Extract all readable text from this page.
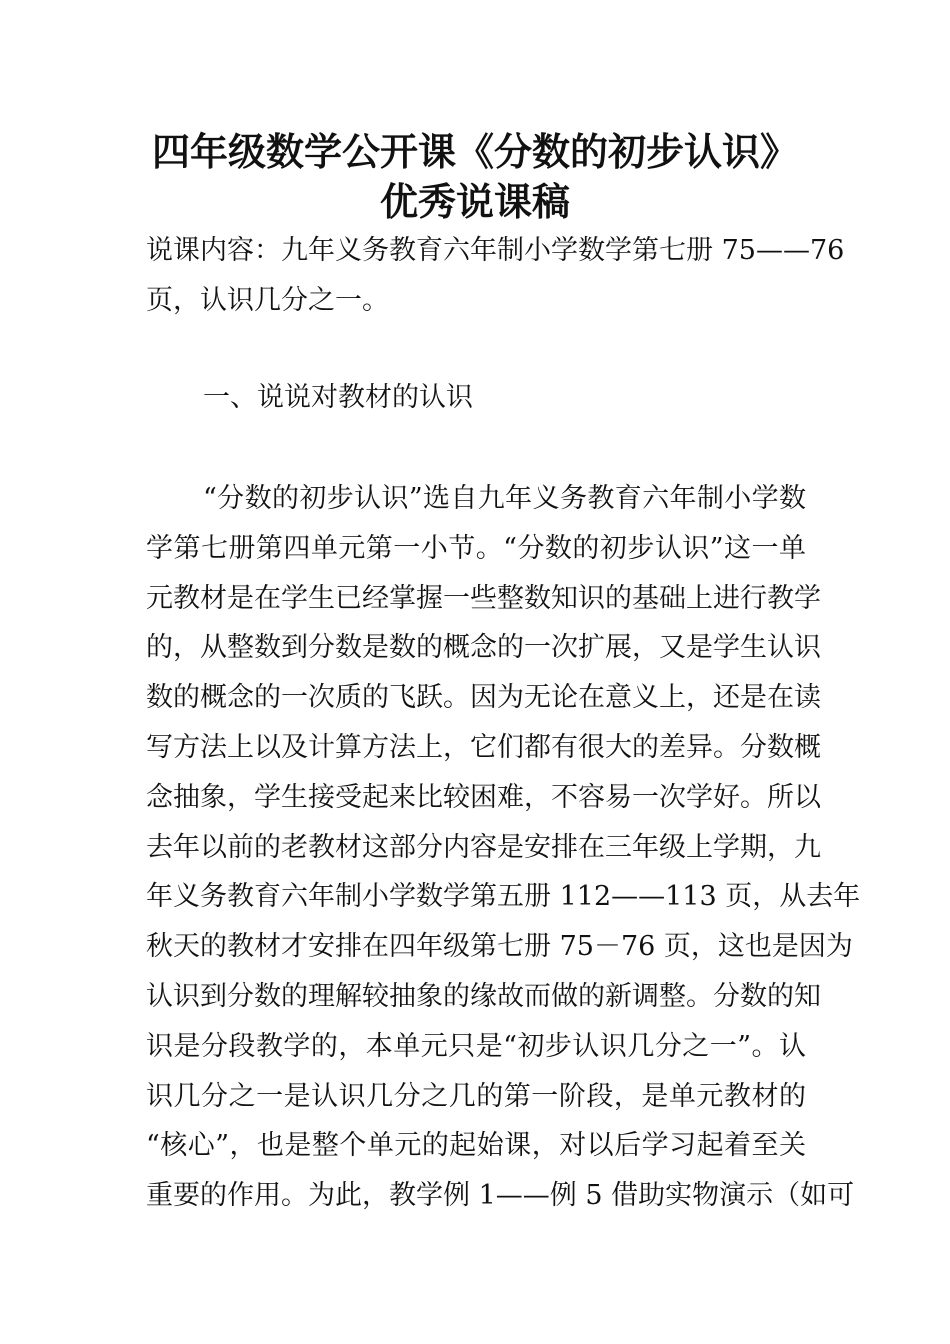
四年级数学公开课《分数的初步认识》
优秀说课稿
说课内容：九年义务教育六年制小学数学第七册 75——76
页，认识几分之一。
一、说说对教材的认识
“分数的初步认识”选自九年义务教育六年制小学数
学第七册第四单元第一小节。“分数的初步认识”这一单
元教材是在学生已经掌握一些整数知识的基础上进行教学
的，从整数到分数是数的概念的一次扩展，又是学生认识
数的概念的一次质的飞跃。因为无论在意义上，还是在读
写方法上以及计算方法上，它们都有很大的差异。分数概
念抽象，学生接受起来比较困难，不容易一次学好。所以
去年以前的老教材这部分内容是安排在三年级上学期，九
年义务教育六年制小学数学第五册 112——113 页，从去年
秋天的教材才安排在四年级第七册 75－76 页，这也是因为
认识到分数的理解较抽象的缘故而做的新调整。分数的知
识是分段教学的，本单元只是“初步认识几分之一”。认
识几分之一是认识几分之几的第一阶段，是单元教材的
“核心”，也是整个单元的起始课，对以后学习起着至关
重要的作用。为此，教学例 1——例 5 借助实物演示（如可
